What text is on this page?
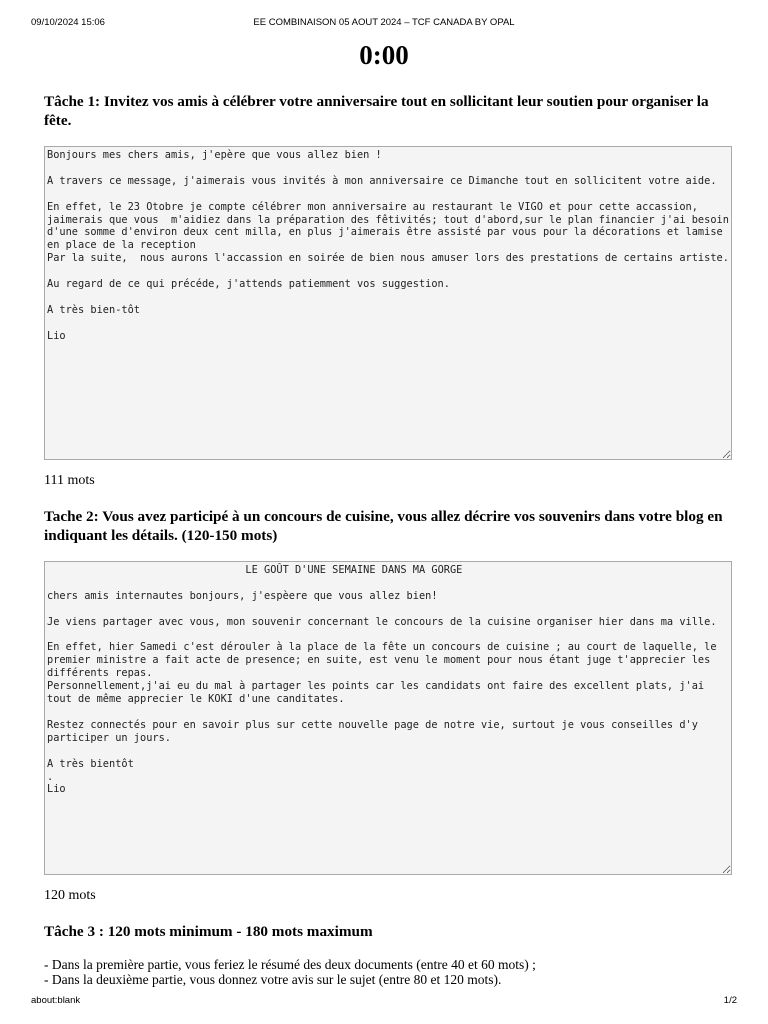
09/10/2024 15:06	EE COMBINAISON 05 AOUT 2024 – TCF CANADA BY OPAL
0:00
Tâche 1: Invitez vos amis à célébrer votre anniversaire tout en sollicitant leur soutien pour organiser la fête.
Bonjours mes chers amis, j'epère que vous allez bien ! A travers ce message, j'aimerais vous invités à mon anniversaire ce Dimanche tout en sollicitent votre aide. En effet, le 23 Otobre je compte célébrer mon anniversaire au restaurant le VIGO et pour cette accassion, jaimerais que vous m'aidiez dans la préparation des fêtivités; tout d'abord,sur le plan financier j'ai besoin d'une somme d'environ deux cent milla, en plus j'aimerais être assisté par vous pour la décorations et lamise en place de la reception Par la suite, nous aurons l'accassion en soirée de bien nous amuser lors des prestations de certains artiste. Au regard de ce qui précéde, j'attends patiemment vos suggestion. A très bien-tôt Lio
111 mots
Tache 2: Vous avez participé à un concours de cuisine, vous allez décrire vos souvenirs dans votre blog en indiquant les détails. (120-150 mots)
LE GOÛT D'UNE SEMAINE DANS MA GORGE chers amis internautes bonjours, j'espèere que vous allez bien! Je viens partager avec vous, mon souvenir concernant le concours de la cuisine organiser hier dans ma ville. En effet, hier Samedi c'est dérouler à la place de la fête un concours de cuisine ; au court de laquelle, le premier ministre a fait acte de presence; en suite, est venu le moment pour nous étant juge t'apprecier les différents repas. Personnellement,j'ai eu du mal à partager les points car les candidats ont faire des excellent plats, j'ai tout de même apprecier le KOKI d'une canditates. Restez connectés pour en savoir plus sur cette nouvelle page de notre vie, surtout je vous conseilles d'y participer un jours. A très bientôt . Lio
120 mots
Tâche 3 : 120 mots minimum - 180 mots maximum
- Dans la première partie, vous feriez le résumé des deux documents (entre 40 et 60 mots) ;
- Dans la deuxième partie, vous donnez votre avis sur le sujet (entre 80 et 120 mots).
about:blank	1/2
